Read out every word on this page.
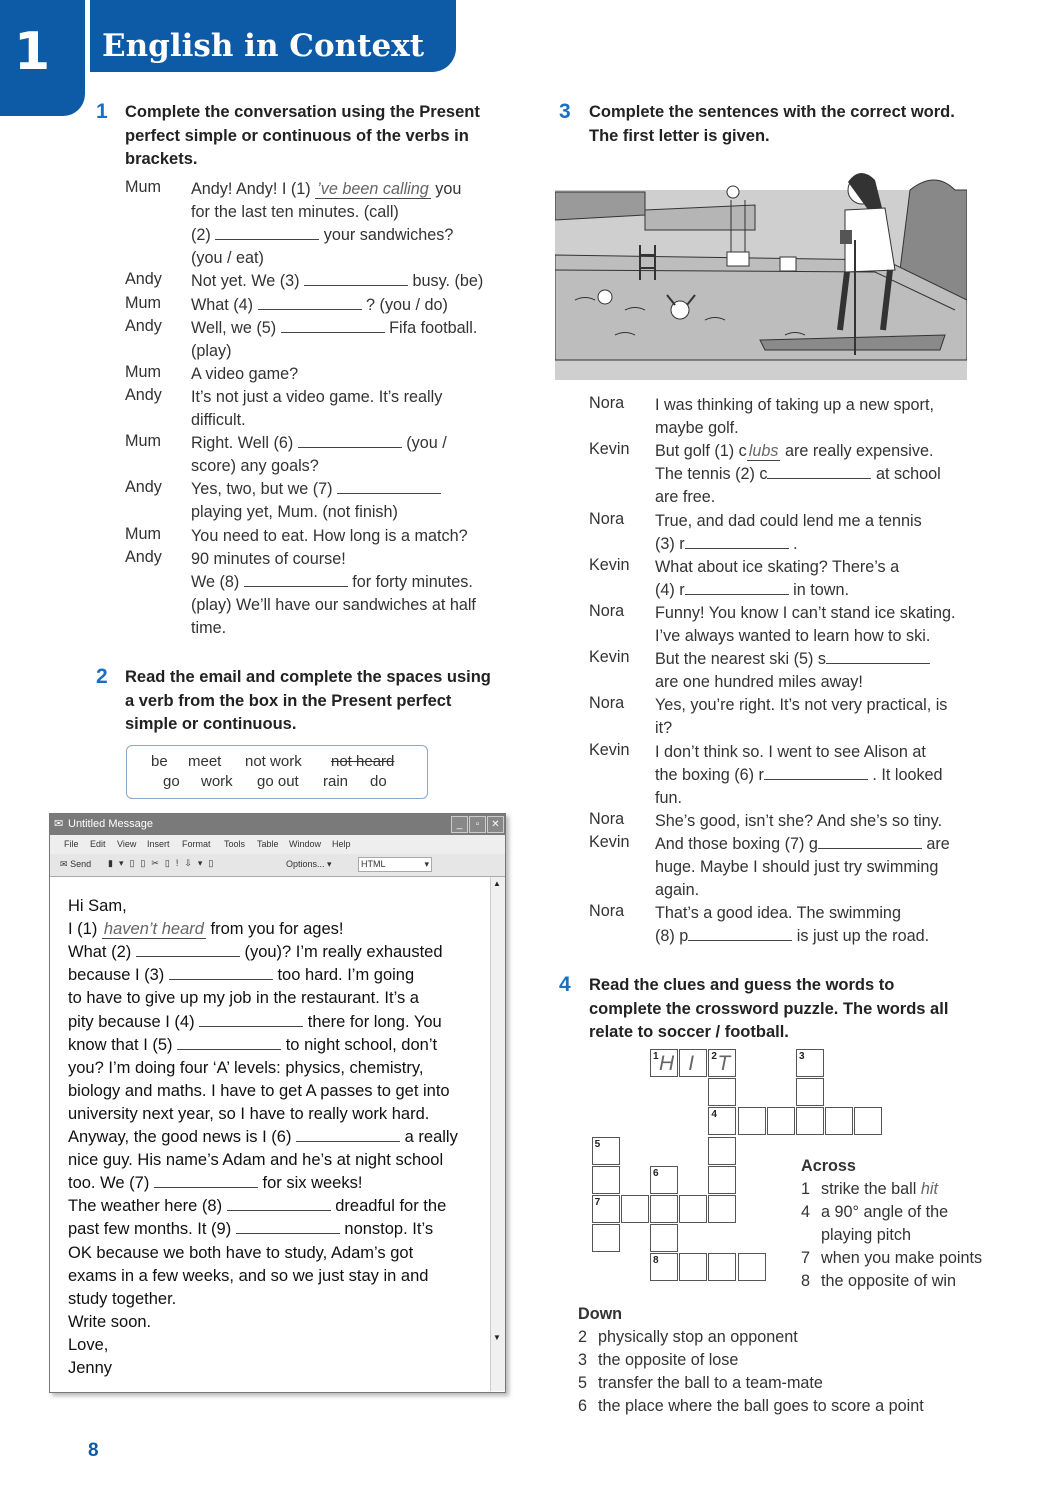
1 English in Context
1 Complete the conversation using the Present
perfect simple or continuous of the verbs in
brackets.
Mum Andy! Andy! I (1) ’ve been calling you
for the last ten minutes. (call)
(2)	your sandwiches?
(you / eat)
Andy Not yet. We (3)	busy. (be)
Mum What (4)	? (you / do)
Andy Well, we (5)	Fifa football.
(play)
Mum A video game?
Andy It’s not just a video game. It’s really
difficult.
Mum Right. Well (6)	(you /
score) any goals?
Andy Yes, two, but we (7)
playing yet, Mum. (not finish)
Mum You need to eat. How long is a match?
Andy 90 minutes of course!
We (8)	for forty minutes.
(play) We’ll have our sandwiches at half
time.
2 Read the email and complete the spaces using
a verb from the box in the Present perfect
simple or continuous.
be meet not work not heard
go work go out rain do
✉ Untitled Message	_	▫	✕
File Edit View Insert Format Tools Table Window Help
✉ Send ▮▾▯▯✂▯!⇩▾▯	Options... ▾	HTML	▾
Hi Sam,
I (1) haven’t heard from you for ages!
What (2)	(you)? I’m really exhausted
because I (3)	too hard. I’m going
to have to give up my job in the restaurant. It’s a
pity because I (4)	there for long. You
know that I (5)	to night school, don’t
you? I’m doing four ‘A’ levels: physics, chemistry,
biology and maths. I have to get A passes to get into
university next year, so I have to really work hard.
Anyway, the good news is I (6)	a really
nice guy. His name’s Adam and he’s at night school
too. We (7)	for six weeks!
The weather here (8)	dreadful for the
past few months. It (9)	nonstop. It’s
OK because we both have to study, Adam’s got
exams in a few weeks, and so we just stay in and
study together.
Write soon.
Love,
Jenny
▲
▼
3 Complete the sentences with the correct word.
The first letter is given.
Nora I was thinking of taking up a new sport,
maybe golf.
Kevin But golf (1) c lubs are really expensive.
The tennis (2) c	at school
are free.
Nora True, and dad could lend me a tennis
(3) r	.
Kevin What about ice skating? There’s a
(4) r	in town.
Nora Funny! You know I can’t stand ice skating.
I’ve always wanted to learn how to ski.
Kevin But the nearest ski (5) s
are one hundred miles away!
Nora Yes, you’re right. It’s not very practical, is
it?
Kevin I don’t think so. I went to see Alison at
the boxing (6) r	. It looked
fun.
Nora She’s good, isn’t she? And she’s so tiny.
Kevin And those boxing (7) g	are
huge. Maybe I should just try swimming
again.
Nora That’s a good idea. The swimming
(8) p	is just up the road.
4 Read the clues and guess the words to
complete the crossword puzzle. The words all
relate to soccer / football.
1	2	3
4
5
6
7
8
H I T
Across
1 strike the ball hit
4 a 90° angle of the
playing pitch
7 when you make points
8 the opposite of win
Down
2 physically stop an opponent
3 the opposite of lose
5 transfer the ball to a team-mate
6 the place where the ball goes to score a point
8
